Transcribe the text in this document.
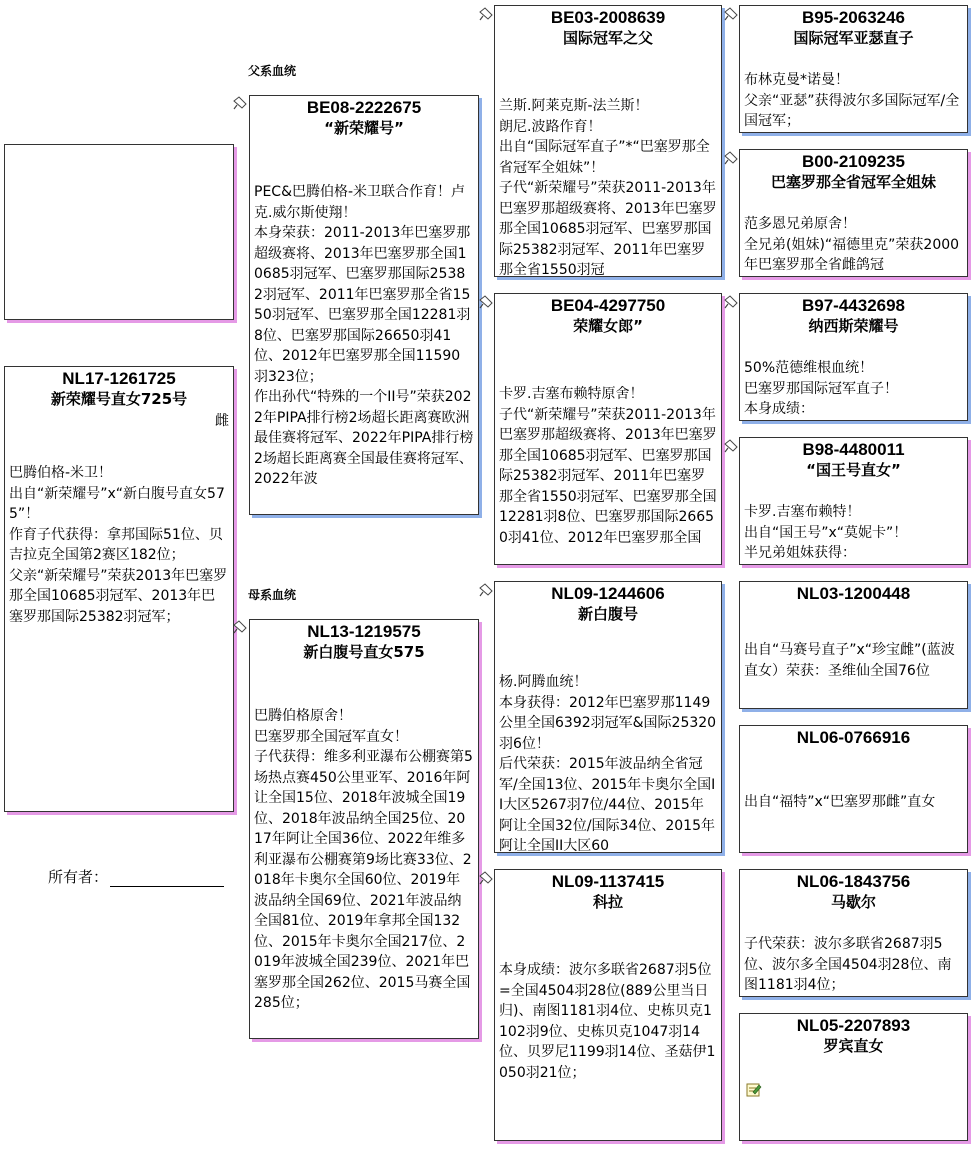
NL17-1261725
新荣耀号直女725号
雌
巴腾伯格-米卫！
出自“新荣耀号”x“新白腹号直女575”！
作育子代获得：拿邦国际51位、贝吉拉克全国第2赛区182位；
父亲“新荣耀号”荣获2013年巴塞罗那全国10685羽冠军、2013年巴塞罗那国际25382羽冠军；
所有者：
父系血统
母系血统
BE08-2222675
“新荣耀号”
PEC&巴腾伯格-米卫联合作育！卢克.威尔斯使翔！
本身荣获：2011-2013年巴塞罗那超级赛将、2013年巴塞罗那全国10685羽冠军、巴塞罗那国际25382羽冠军、2011年巴塞罗那全省1550羽冠军、巴塞罗那全国12281羽8位、巴塞罗那国际26650羽41位、2012年巴塞罗那全国11590羽323位；
作出孙代“特殊的一个II号”荣获2022年PIPA排行榜2场超长距离赛欧洲最佳赛将冠军、2022年PIPA排行榜2场超长距离赛全国最佳赛将冠军、2022年波
NL13-1219575
新白腹号直女575
巴腾伯格原舍！
巴塞罗那全国冠军直女！
子代获得：维多利亚瀑布公棚赛第5场热点赛450公里亚军、2016年阿让全国15位、2018年波城全国19位、2018年波品纳全国25位、2017年阿让全国36位、2022年维多利亚瀑布公棚赛第9场比赛33位、2018年卡奥尔全国60位、2019年波品纳全国69位、2021年波品纳全国81位、2019年拿邦全国132位、2015年卡奥尔全国217位、2019年波城全国239位、2021年巴塞罗那全国262位、2015马赛全国285位；
BE03-2008639
国际冠军之父
兰斯.阿莱克斯-法兰斯！
朗尼.波路作育！
出自“国际冠军直子”*“巴塞罗那全省冠军全姐妹”！
子代“新荣耀号”荣获2011-2013年巴塞罗那超级赛将、2013年巴塞罗那全国10685羽冠军、巴塞罗那国际25382羽冠军、2011年巴塞罗那全省1550羽冠
BE04-4297750
荣耀女郎”
卡罗.吉塞布赖特原舍！
子代“新荣耀号”荣获2011-2013年巴塞罗那超级赛将、2013年巴塞罗那全国10685羽冠军、巴塞罗那国际25382羽冠军、2011年巴塞罗那全省1550羽冠军、巴塞罗那全国12281羽8位、巴塞罗那国际26650羽41位、2012年巴塞罗那全国
NL09-1244606
新白腹号
杨.阿腾血统！
本身获得：2012年巴塞罗那1149公里全国6392羽冠军&国际25320羽6位！
后代荣获：2015年波品纳全省冠军/全国13位、2015年卡奥尔全国II大区5267羽7位/44位、2015年阿让全国32位/国际34位、2015年阿让全国II大区60
NL09-1137415
科拉
本身成绩：波尔多联省2687羽5位=全国4504羽28位(889公里当日归)、南图1181羽4位、史栋贝克1102羽9位、史栋贝克1047羽14位、贝罗尼1199羽14位、圣菇伊1050羽21位；
B95-2063246
国际冠军亚瑟直子
布林克曼*诺曼！
父亲“亚瑟”获得波尔多国际冠军/全国冠军；
B00-2109235
巴塞罗那全省冠军全姐妹
范多恩兄弟原舍！
全兄弟(姐妹)“福德里克”荣获2000年巴塞罗那全省雌鸽冠
B97-4432698
纳西斯荣耀号
50%范德维根血统！
巴塞罗那国际冠军直子！
本身成绩：
B98-4480011
“国王号直女”
卡罗.吉塞布赖特！
出自“国王号”x“莫妮卡”！
半兄弟姐妹获得：
NL03-1200448
出自“马赛号直子”x“珍宝雌”(蓝波直女）荣获：圣维仙全国76位
NL06-0766916
出自“福特”x“巴塞罗那雌”直女
NL06-1843756
马歇尔
子代荣获：波尔多联省2687羽5位、波尔多全国4504羽28位、南图1181羽4位；
NL05-2207893
罗宾直女
